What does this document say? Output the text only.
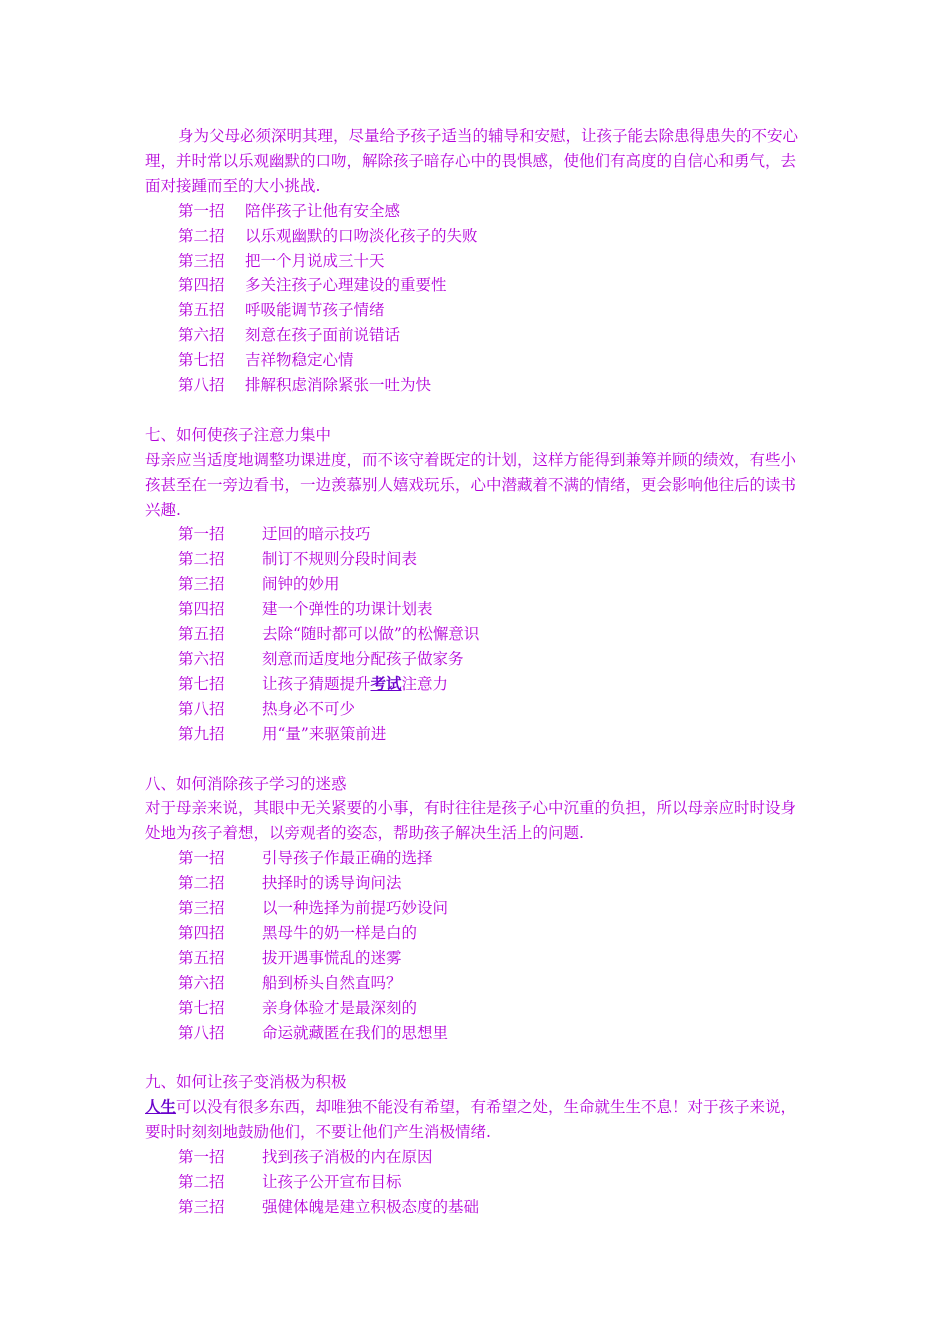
身为父母必须深明其理，尽量给予孩子适当的辅导和安慰，让孩子能去除患得患失的不安心理，并时常以乐观幽默的口吻，解除孩子暗存心中的畏惧感，使他们有高度的自信心和勇气，去面对接踵而至的大小挑战.

第一招 陪伴孩子让他有安全感
第二招 以乐观幽默的口吻淡化孩子的失败
第三招 把一个月说成三十天
第四招 多关注孩子心理建设的重要性
第五招 呼吸能调节孩子情绪
第六招 刻意在孩子面前说错话
第七招 吉祥物稳定心情
第八招 排解积虑消除紧张一吐为快

七、如何使孩子注意力集中

母亲应当适度地调整功课进度，而不该守着既定的计划，这样方能得到兼筹并顾的绩效，有些小孩甚至在一旁边看书，一边羡慕别人嬉戏玩乐，心中潜藏着不满的情绪，更会影响他往后的读书兴趣.

第一招 迂回的暗示技巧
第二招 制订不规则分段时间表
第三招 闹钟的妙用
第四招 建一个弹性的功课计划表
第五招 去除“随时都可以做”的松懈意识
第六招 刻意而适度地分配孩子做家务
第七招 让孩子猜题提升考试注意力
第八招 热身必不可少
第九招 用“量”来驱策前进

八、如何消除孩子学习的迷惑

对于母亲来说，其眼中无关紧要的小事，有时往往是孩子心中沉重的负担，所以母亲应时时设身处地为孩子着想，以旁观者的姿态，帮助孩子解决生活上的问题.

第一招 引导孩子作最正确的选择
第二招 抉择时的诱导询问法
第三招 以一种选择为前提巧妙设问
第四招 黑母牛的奶一样是白的
第五招 拔开遇事慌乱的迷雾
第六招 船到桥头自然直吗？
第七招 亲身体验才是最深刻的
第八招 命运就藏匿在我们的思想里

九、如何让孩子变消极为积极

人生可以没有很多东西，却唯独不能没有希望，有希望之处，生命就生生不息！对于孩子来说，要时时刻刻地鼓励他们，不要让他们产生消极情绪.

第一招 找到孩子消极的内在原因
第二招 让孩子公开宣布目标
第三招 强健体魄是建立积极态度的基础
